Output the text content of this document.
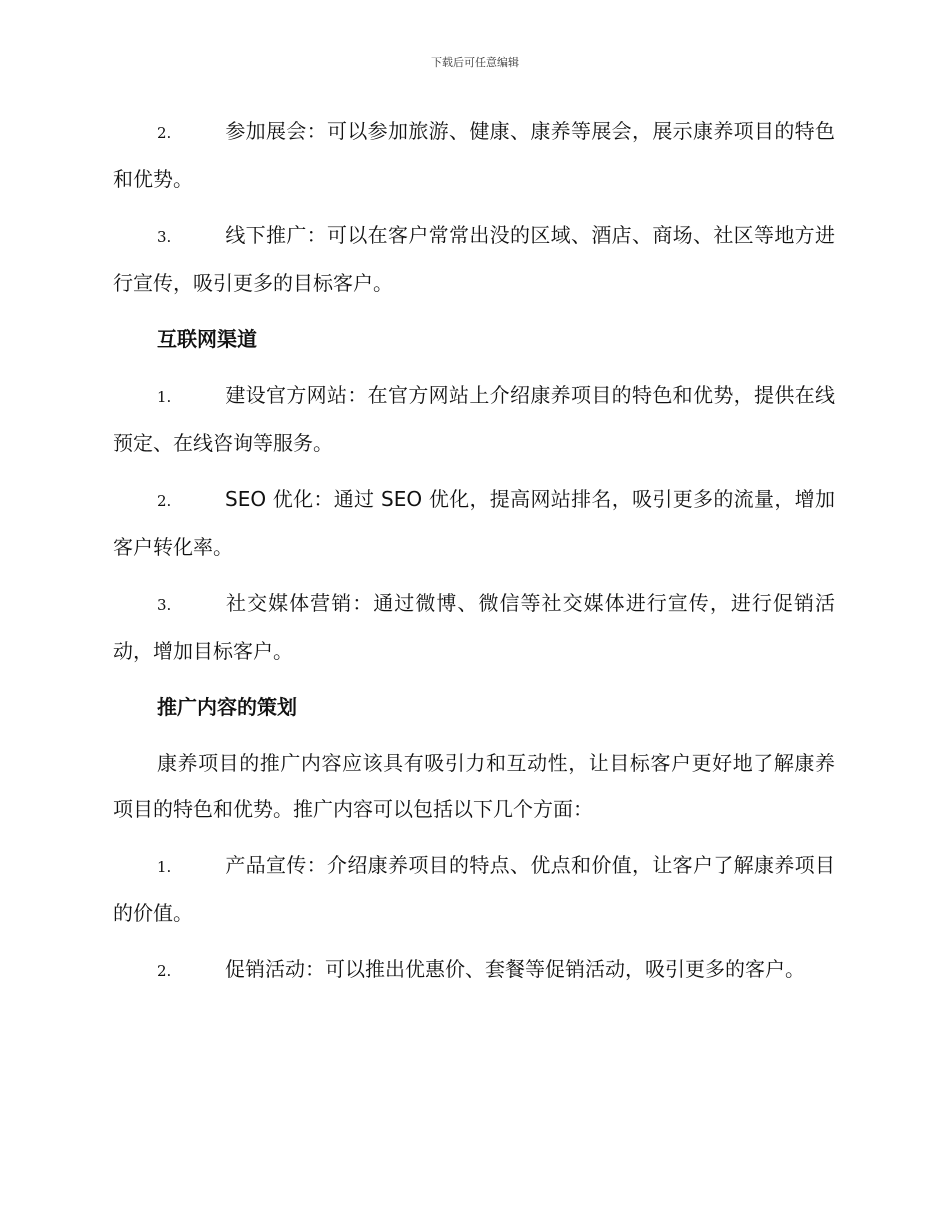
下载后可任意编辑

2.	参加展会：可以参加旅游、健康、康养等展会，展示康养项目的特色和优势。

3.	线下推广：可以在客户常常出没的区域、酒店、商场、社区等地方进行宣传，吸引更多的目标客户。

互联网渠道

1.	建设官方网站：在官方网站上介绍康养项目的特色和优势，提供在线预定、在线咨询等服务。

2.	SEO 优化：通过 SEO 优化，提高网站排名，吸引更多的流量，增加客户转化率。

3.	社交媒体营销：通过微博、微信等社交媒体进行宣传，进行促销活动，增加目标客户。

推广内容的策划

康养项目的推广内容应该具有吸引力和互动性，让目标客户更好地了解康养项目的特色和优势。推广内容可以包括以下几个方面：

1.	产品宣传：介绍康养项目的特点、优点和价值，让客户了解康养项目的价值。

2.	促销活动：可以推出优惠价、套餐等促销活动，吸引更多的客户。
